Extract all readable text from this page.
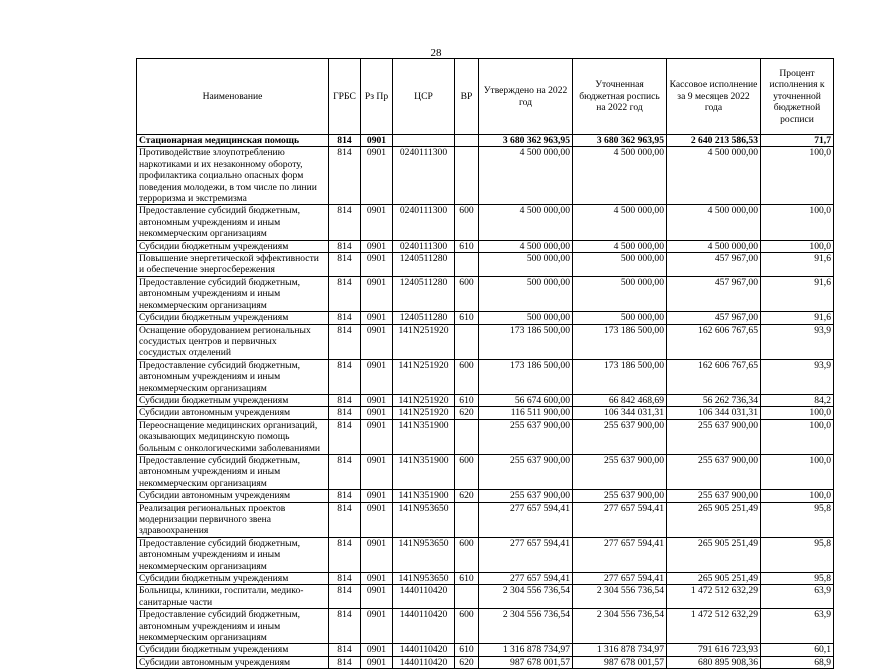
28
Наименование	ГРБС	Рз Пр	ЦСР	ВР	Утверждено на 2022 год	Уточненная бюджетная роспись на 2022 год	Кассовое исполнение за 9 месяцев 2022 года	Процент исполнения к уточненной бюджетной росписи
Стационарная медицинская помощь	814	0901			3 680 362 963,95	3 680 362 963,95	2 640 213 586,53	71,7
Противодействие злоупотреблению наркотиками и их незаконному обороту, профилактика социально опасных форм поведения молодежи, в том числе по линии терроризма и экстремизма	814	0901	0240111300		4 500 000,00	4 500 000,00	4 500 000,00	100,0
Предоставление субсидий бюджетным, автономным учреждениям и иным некоммерческим организациям	814	0901	0240111300	600	4 500 000,00	4 500 000,00	4 500 000,00	100,0
Субсидии бюджетным учреждениям	814	0901	0240111300	610	4 500 000,00	4 500 000,00	4 500 000,00	100,0
Повышение энергетической эффективности и обеспечение энергосбережения	814	0901	1240511280		500 000,00	500 000,00	457 967,00	91,6
Предоставление субсидий бюджетным, автономным учреждениям и иным некоммерческим организациям	814	0901	1240511280	600	500 000,00	500 000,00	457 967,00	91,6
Субсидии бюджетным учреждениям	814	0901	1240511280	610	500 000,00	500 000,00	457 967,00	91,6
Оснащение оборудованием региональных сосудистых центров и первичных сосудистых отделений	814	0901	141N251920		173 186 500,00	173 186 500,00	162 606 767,65	93,9
Предоставление субсидий бюджетным, автономным учреждениям и иным некоммерческим организациям	814	0901	141N251920	600	173 186 500,00	173 186 500,00	162 606 767,65	93,9
Субсидии бюджетным учреждениям	814	0901	141N251920	610	56 674 600,00	66 842 468,69	56 262 736,34	84,2
Субсидии автономным учреждениям	814	0901	141N251920	620	116 511 900,00	106 344 031,31	106 344 031,31	100,0
Переоснащение медицинских организаций, оказывающих медицинскую помощь больным с онкологическими заболеваниями	814	0901	141N351900		255 637 900,00	255 637 900,00	255 637 900,00	100,0
Предоставление субсидий бюджетным, автономным учреждениям и иным некоммерческим организациям	814	0901	141N351900	600	255 637 900,00	255 637 900,00	255 637 900,00	100,0
Субсидии автономным учреждениям	814	0901	141N351900	620	255 637 900,00	255 637 900,00	255 637 900,00	100,0
Реализация региональных проектов модернизации первичного звена здравоохранения	814	0901	141N953650		277 657 594,41	277 657 594,41	265 905 251,49	95,8
Предоставление субсидий бюджетным, автономным учреждениям и иным некоммерческим организациям	814	0901	141N953650	600	277 657 594,41	277 657 594,41	265 905 251,49	95,8
Субсидии бюджетным учреждениям	814	0901	141N953650	610	277 657 594,41	277 657 594,41	265 905 251,49	95,8
Больницы, клиники, госпитали, медико-санитарные части	814	0901	1440110420		2 304 556 736,54	2 304 556 736,54	1 472 512 632,29	63,9
Предоставление субсидий бюджетным, автономным учреждениям и иным некоммерческим организациям	814	0901	1440110420	600	2 304 556 736,54	2 304 556 736,54	1 472 512 632,29	63,9
Субсидии бюджетным учреждениям	814	0901	1440110420	610	1 316 878 734,97	1 316 878 734,97	791 616 723,93	60,1
Субсидии автономным учреждениям	814	0901	1440110420	620	987 678 001,57	987 678 001,57	680 895 908,36	68,9
